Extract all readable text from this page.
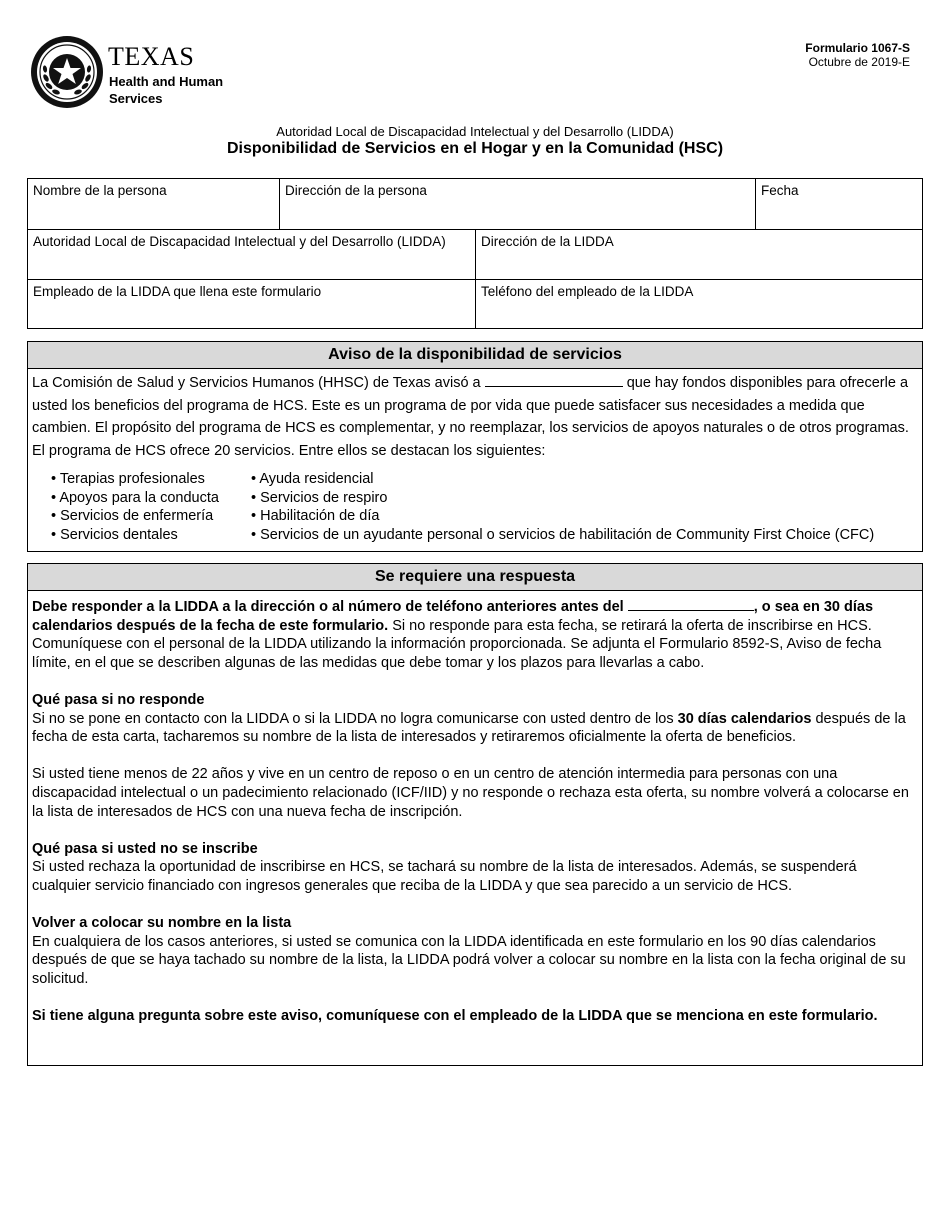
TEXAS
Health and Human
Services
Formulario 1067-S
Octubre de 2019-E
Autoridad Local de Discapacidad Intelectual y del Desarrollo (LIDDA)
Disponibilidad de Servicios en el Hogar y en la Comunidad (HSC)
Nombre de la persona	Dirección de la persona	Fecha
Autoridad Local de Discapacidad Intelectual y del Desarrollo (LIDDA)	Dirección de la LIDDA
Empleado de la LIDDA que llena este formulario	Teléfono del empleado de la LIDDA
Aviso de la disponibilidad de servicios
La Comisión de Salud y Servicios Humanos (HHSC) de Texas avisó a	que hay fondos disponibles para ofrecerle a usted los beneficios del programa de HCS. Este es un programa de por vida que puede satisfacer sus necesidades a medida que cambien. El propósito del programa de HCS es complementar, y no reemplazar, los servicios de apoyos naturales o de otros programas. El programa de HCS ofrece 20 servicios. Entre ellos se destacan los siguientes:
• Terapias profesionales
• Apoyos para la conducta
• Servicios de enfermería
• Servicios dentales
• Ayuda residencial
• Servicios de respiro
• Habilitación de día
• Servicios de un ayudante personal o servicios de habilitación de Community First Choice (CFC)
Se requiere una respuesta

Debe responder a la LIDDA a la dirección o al número de teléfono anteriores antes del	, o sea en 30 días calendarios después de la fecha de este formulario. Si no responde para esta fecha, se retirará la oferta de inscribirse en HCS. Comuníquese con el personal de la LIDDA utilizando la información proporcionada. Se adjunta el Formulario 8592-S, Aviso de fecha límite, en el que se describen algunas de las medidas que debe tomar y los plazos para llevarlas a cabo.

Qué pasa si no responde
Si no se pone en contacto con la LIDDA o si la LIDDA no logra comunicarse con usted dentro de los 30 días calendarios después de la fecha de esta carta, tacharemos su nombre de la lista de interesados y retiraremos oficialmente la oferta de beneficios.

Si usted tiene menos de 22 años y vive en un centro de reposo o en un centro de atención intermedia para personas con una discapacidad intelectual o un padecimiento relacionado (ICF/IID) y no responde o rechaza esta oferta, su nombre volverá a colocarse en la lista de interesados de HCS con una nueva fecha de inscripción.

Qué pasa si usted no se inscribe
Si usted rechaza la oportunidad de inscribirse en HCS, se tachará su nombre de la lista de interesados. Además, se suspenderá cualquier servicio financiado con ingresos generales que reciba de la LIDDA y que sea parecido a un servicio de HCS.

Volver a colocar su nombre en la lista
En cualquiera de los casos anteriores, si usted se comunica con la LIDDA identificada en este formulario en los 90 días calendarios después de que se haya tachado su nombre de la lista, la LIDDA podrá volver a colocar su nombre en la lista con la fecha original de su solicitud.

Si tiene alguna pregunta sobre este aviso, comuníquese con el empleado de la LIDDA que se menciona en este formulario.
